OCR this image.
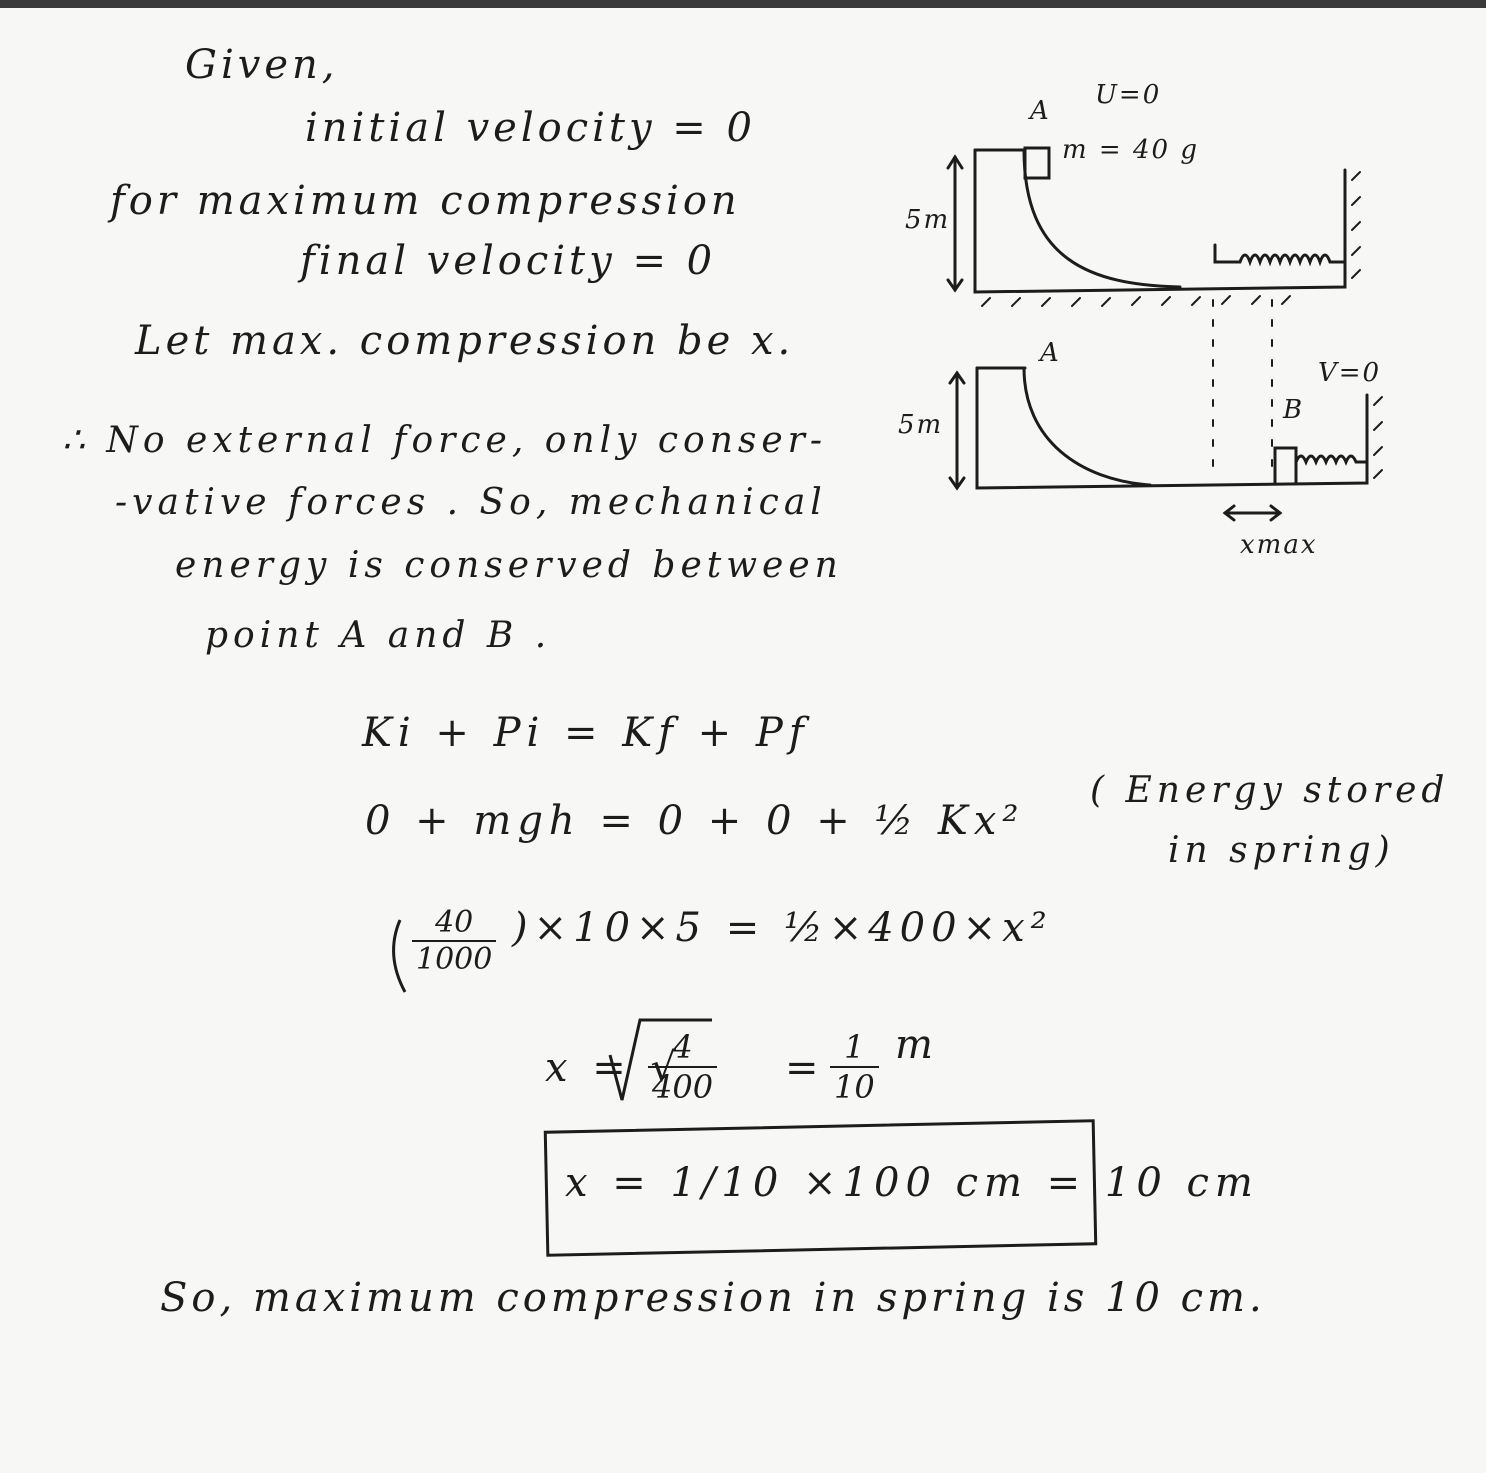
Given,
initial velocity = 0
for maximum compression
final velocity = 0
Let max. compression be x.
∴ No external force, only conser-
-vative forces . So, mechanical
energy is conserved between
point A and B .
A
U=0
m = 40 g
5m
A
B
V=0
5m
xmax
Ki + Pi = Kf + Pf
0 + mgh = 0 + 0 + ½ Kx²
( Energy stored
in spring)
$\frac{40}{1000} )\times 10\times 5$ = ½×400×x²
x = √
$\frac{4}{400} = \frac{1}{10}$ m
x = 1/10 ×100 cm = 10 cm
So, maximum compression in spring is 10 cm.
